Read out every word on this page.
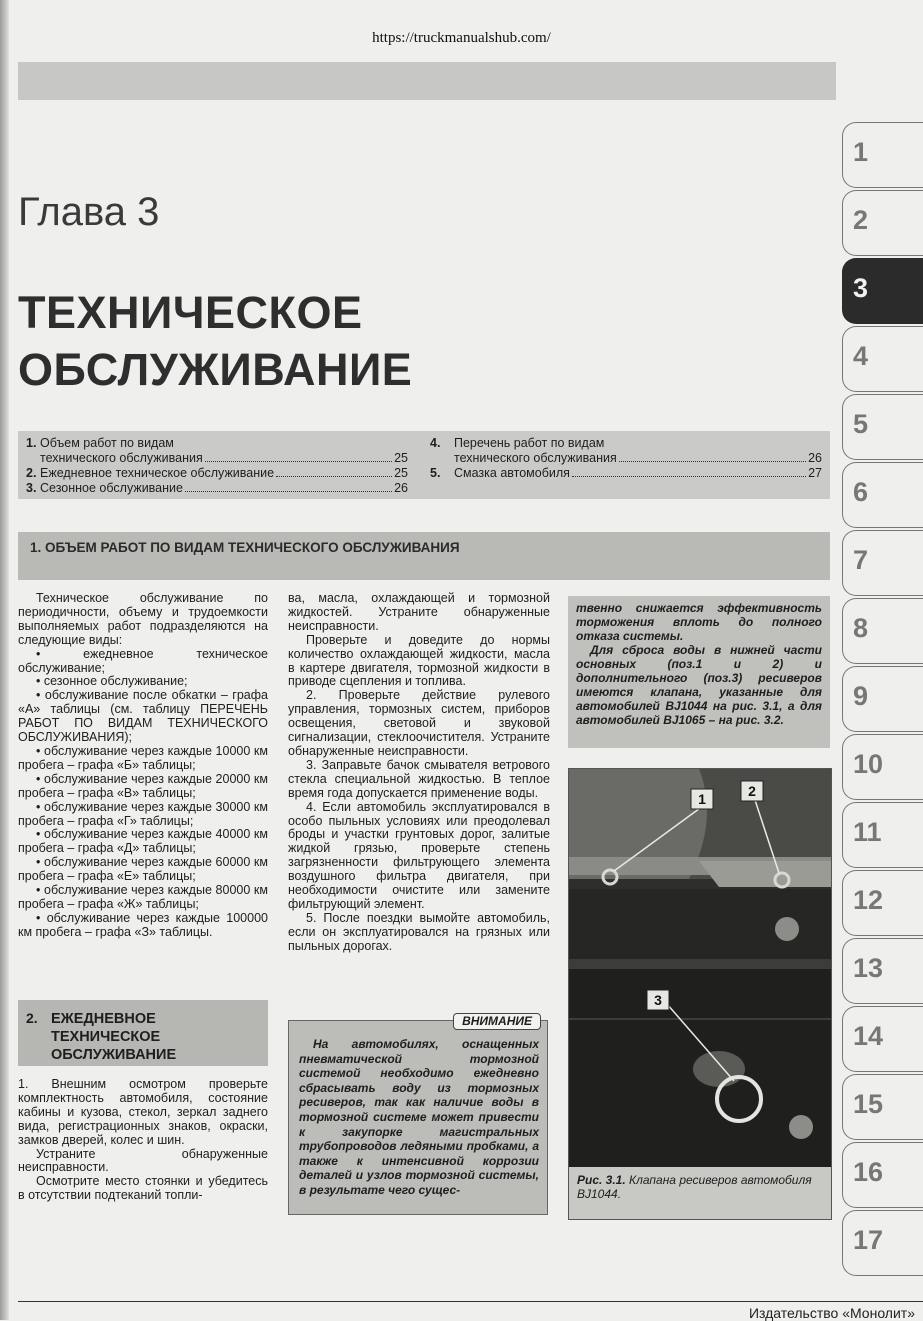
https://truckmanualshub.com/
Глава 3
ТЕХНИЧЕСКОЕ
ОБСЛУЖИВАНИЕ
1. Объем работ по видам
технического обслуживания	25
2. Ежедневное техническое обслуживание	25
3. Сезонное обслуживание	26
4.	Перечень работ по видам
технического обслуживания	26
5.	Смазка автомобиля	27
1. ОБЪЕМ РАБОТ ПО ВИДАМ ТЕХНИЧЕСКОГО ОБСЛУЖИВАНИЯ

Техническое обслуживание по периодичности, объему и трудоемкости выполняемых работ подразделяются на следующие виды:

• ежедневное техническое обслуживание;

• сезонное обслуживание;

• обслуживание после обкатки – графа «А» таблицы (см. таблицу ПЕРЕЧЕНЬ РАБОТ ПО ВИДАМ ТЕХНИЧЕСКОГО ОБСЛУЖИВАНИЯ);

• обслуживание через каждые 10000 км пробега – графа «Б» таблицы;

• обслуживание через каждые 20000 км пробега – графа «В» таблицы;

• обслуживание через каждые 30000 км пробега – графа «Г» таблицы;

• обслуживание через каждые 40000 км пробега – графа «Д» таблицы;

• обслуживание через каждые 60000 км пробега – графа «Е» таблицы;

• обслуживание через каждые 80000 км пробега – графа «Ж» таблицы;

• обслуживание через каждые 100000 км пробега – графа «З» таблицы.

2. ЕЖЕДНЕВНОЕ
ТЕХНИЧЕСКОЕ
ОБСЛУЖИВАНИЕ

1. Внешним осмотром проверьте комплектность автомобиля, состояние кабины и кузова, стекол, зеркал заднего вида, регистрационных знаков, окраски, замков дверей, колес и шин.

Устраните обнаруженные неисправности.

Осмотрите место стоянки и убедитесь в отсутствии подтеканий топли-

ва, масла, охлаждающей и тормозной жидкостей. Устраните обнаруженные неисправности.

Проверьте и доведите до нормы количество охлаждающей жидкости, масла в картере двигателя, тормозной жидкости в приводе сцепления и топлива.

2. Проверьте действие рулевого управления, тормозных систем, приборов освещения, световой и звуковой сигнализации, стеклоочистителя. Устраните обнаруженные неисправности.

3. Заправьте бачок смывателя ветрового стекла специальной жидкостью. В теплое время года допускается применение воды.

4. Если автомобиль эксплуатировался в особо пыльных условиях или преодолевал броды и участки грунтовых дорог, залитые жидкой грязью, проверьте степень загрязненности фильтрующего элемента воздушного фильтра двигателя, при необходимости очистите или замените фильтрующий элемент.

5. После поездки вымойте автомобиль, если он эксплуатировался на грязных или пыльных дорогах.

ВНИМАНИЕ
На автомобилях, оснащенных пневматической тормозной системой необходимо ежедневно сбрасывать воду из тормозных ресиверов, так как наличие воды в тормозной системе может привести к закупорке магистральных трубопроводов ледяными пробками, а также к интенсивной коррозии деталей и узлов тормозной системы, в результате чего сущес-

твенно снижается эффективность торможения вплоть до полного отказа системы.

Для сброса воды в нижней части основных (поз.1 и 2) и дополнительного (поз.3) ресиверов имеются клапана, указанные для автомобилей BJ1044 на рис. 3.1, а для автомобилей BJ1065 – на рис. 3.2.

1	2
3
Рис. 3.1. Клапана ресиверов автомобиля BJ1044.
1
2
3
4
5
6
7
8
9
10
11
12
13
14
15
16
17
Издательство «Монолит»
